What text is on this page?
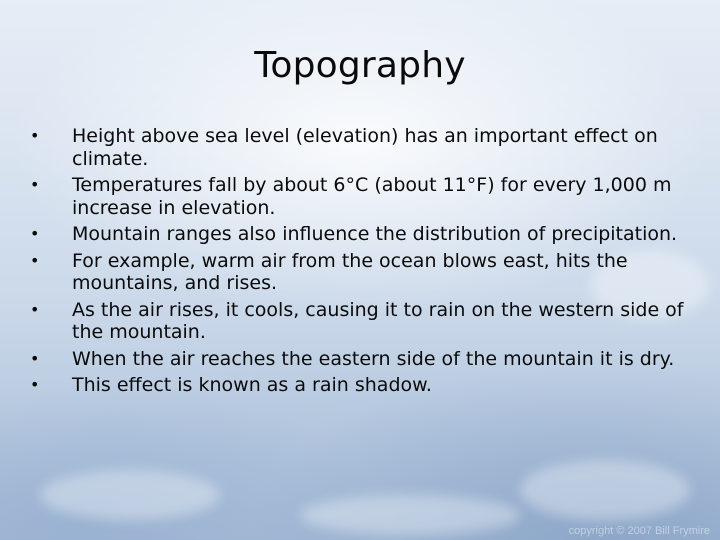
Topography
• Height above sea level (elevation) has an important effect on climate.
• Temperatures fall by about 6°C (about 11°F) for every 1,000 m increase in elevation.
• Mountain ranges also influence the distribution of precipitation.
• For example, warm air from the ocean blows east, hits the mountains, and rises.
• As the air rises, it cools, causing it to rain on the western side of the mountain.
• When the air reaches the eastern side of the mountain it is dry.
• This effect is known as a rain shadow.
copyright © 2007 Bill Frymire
